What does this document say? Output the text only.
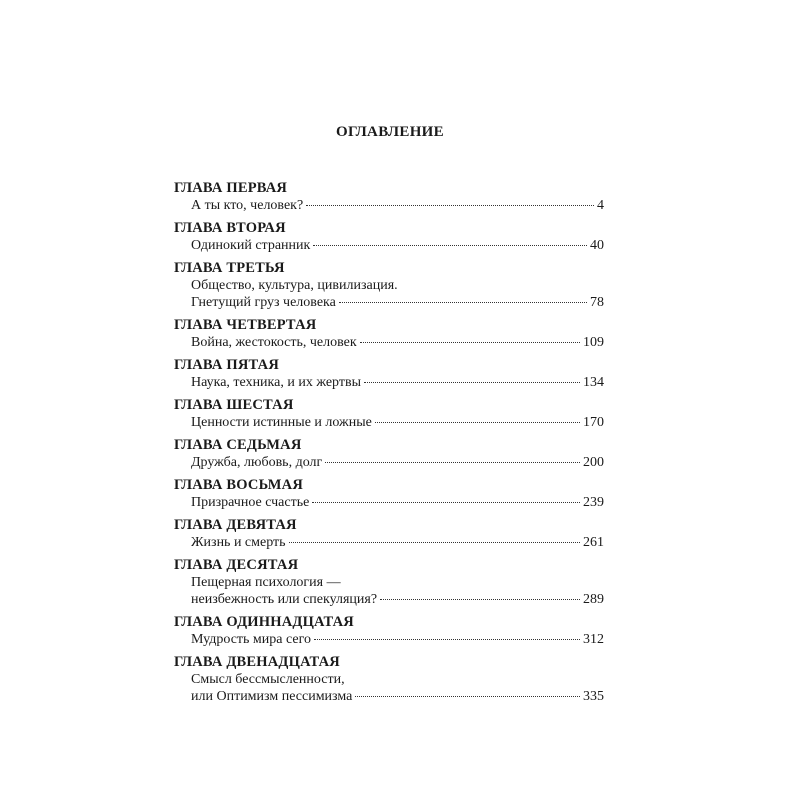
ОГЛАВЛЕНИЕ
ГЛАВА ПЕРВАЯ
А ты кто, человек?	4
ГЛАВА ВТОРАЯ
Одинокий странник	40
ГЛАВА ТРЕТЬЯ
Общество, культура, цивилизация.
Гнетущий груз человека	78
ГЛАВА ЧЕТВЕРТАЯ
Война, жестокость, человек	109
ГЛАВА ПЯТАЯ
Наука, техника, и их жертвы	134
ГЛАВА ШЕСТАЯ
Ценности истинные и ложные	170
ГЛАВА СЕДЬМАЯ
Дружба, любовь, долг	200
ГЛАВА ВОСЬМАЯ
Призрачное счастье	239
ГЛАВА ДЕВЯТАЯ
Жизнь и смерть	261
ГЛАВА ДЕСЯТАЯ
Пещерная психология —
неизбежность или спекуляция?	289
ГЛАВА ОДИННАДЦАТАЯ
Мудрость мира сего	312
ГЛАВА ДВЕНАДЦАТАЯ
Смысл бессмысленности,
или Оптимизм пессимизма	335
